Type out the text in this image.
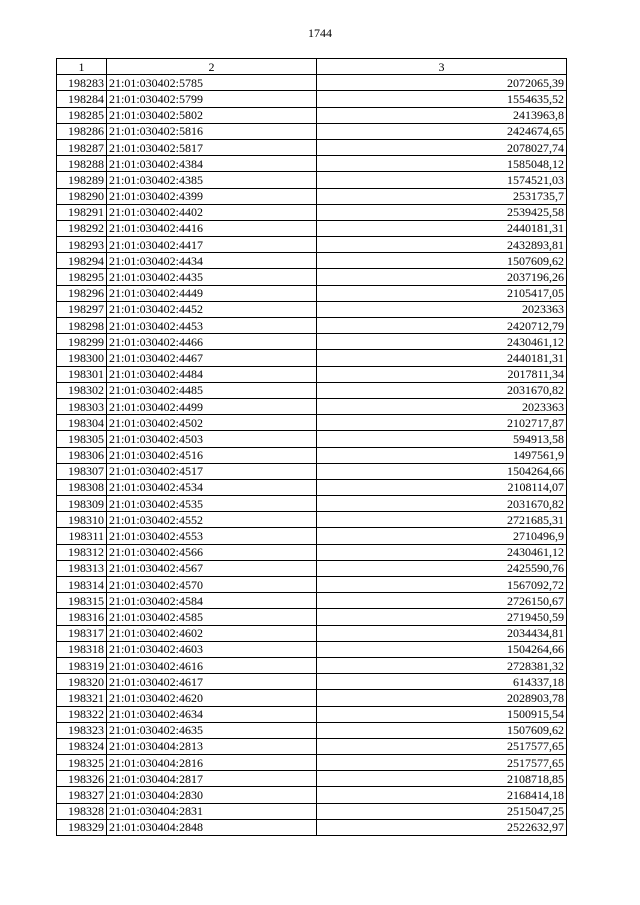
1744
1	2	3
198283	21:01:030402:5785	2072065,39
198284	21:01:030402:5799	1554635,52
198285	21:01:030402:5802	2413963,8
198286	21:01:030402:5816	2424674,65
198287	21:01:030402:5817	2078027,74
198288	21:01:030402:4384	1585048,12
198289	21:01:030402:4385	1574521,03
198290	21:01:030402:4399	2531735,7
198291	21:01:030402:4402	2539425,58
198292	21:01:030402:4416	2440181,31
198293	21:01:030402:4417	2432893,81
198294	21:01:030402:4434	1507609,62
198295	21:01:030402:4435	2037196,26
198296	21:01:030402:4449	2105417,05
198297	21:01:030402:4452	2023363
198298	21:01:030402:4453	2420712,79
198299	21:01:030402:4466	2430461,12
198300	21:01:030402:4467	2440181,31
198301	21:01:030402:4484	2017811,34
198302	21:01:030402:4485	2031670,82
198303	21:01:030402:4499	2023363
198304	21:01:030402:4502	2102717,87
198305	21:01:030402:4503	594913,58
198306	21:01:030402:4516	1497561,9
198307	21:01:030402:4517	1504264,66
198308	21:01:030402:4534	2108114,07
198309	21:01:030402:4535	2031670,82
198310	21:01:030402:4552	2721685,31
198311	21:01:030402:4553	2710496,9
198312	21:01:030402:4566	2430461,12
198313	21:01:030402:4567	2425590,76
198314	21:01:030402:4570	1567092,72
198315	21:01:030402:4584	2726150,67
198316	21:01:030402:4585	2719450,59
198317	21:01:030402:4602	2034434,81
198318	21:01:030402:4603	1504264,66
198319	21:01:030402:4616	2728381,32
198320	21:01:030402:4617	614337,18
198321	21:01:030402:4620	2028903,78
198322	21:01:030402:4634	1500915,54
198323	21:01:030402:4635	1507609,62
198324	21:01:030404:2813	2517577,65
198325	21:01:030404:2816	2517577,65
198326	21:01:030404:2817	2108718,85
198327	21:01:030404:2830	2168414,18
198328	21:01:030404:2831	2515047,25
198329	21:01:030404:2848	2522632,97
